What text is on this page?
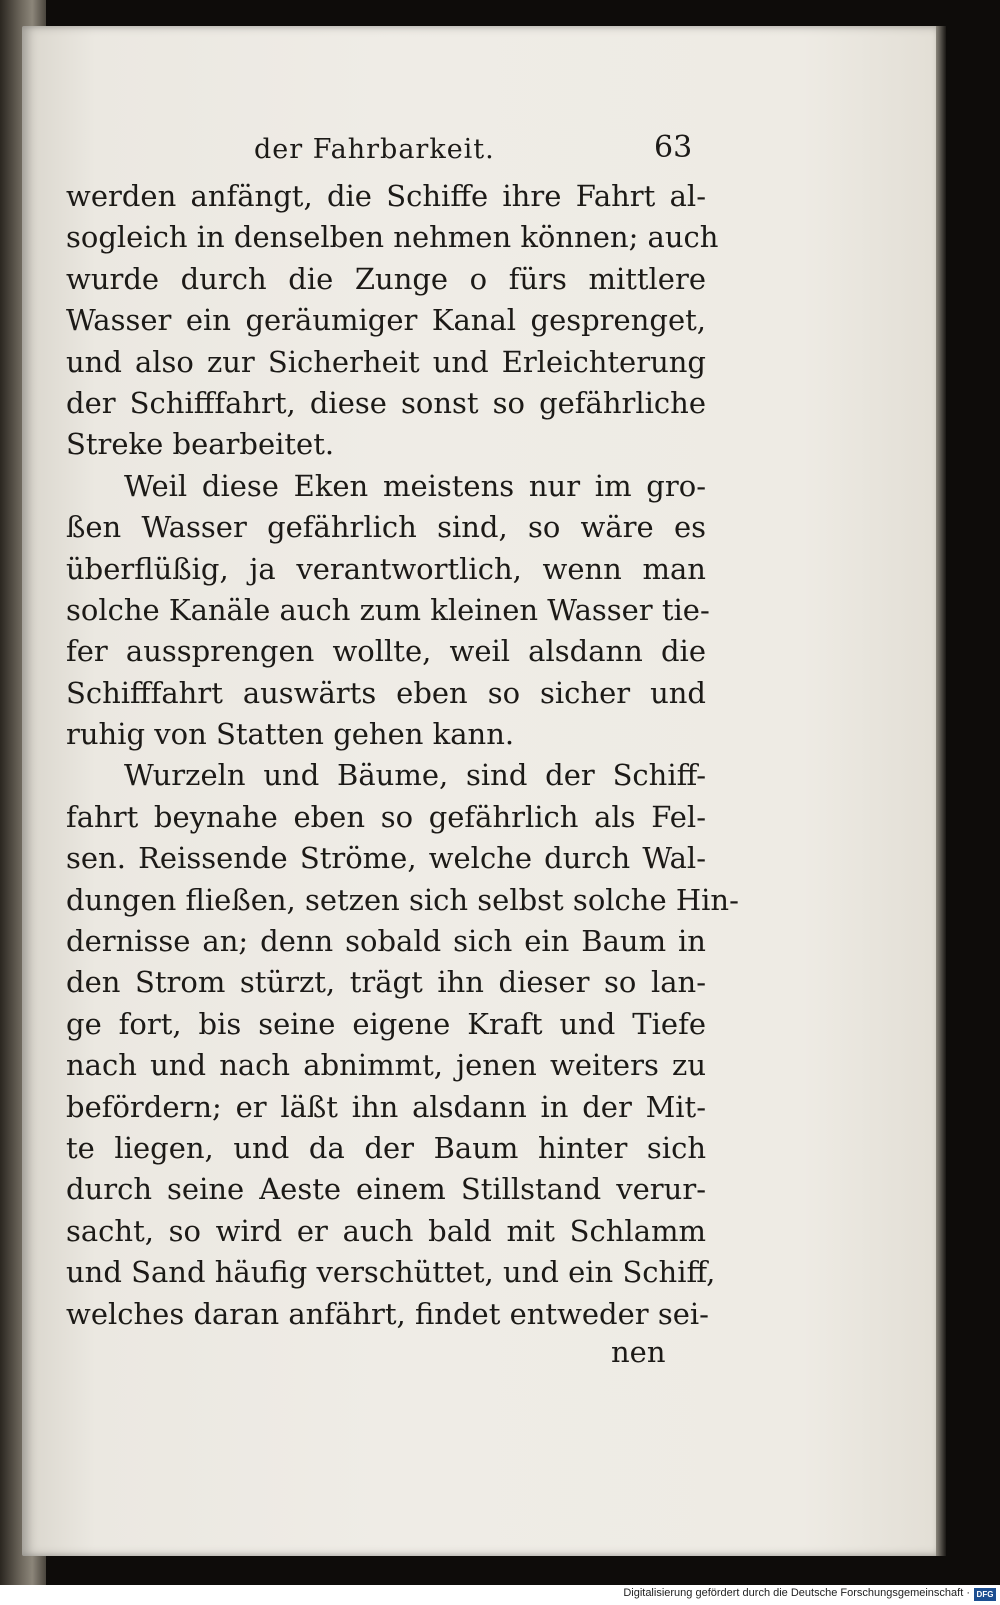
der Fahrbarkeit.	63
werden anfängt, die Schiffe ihre Fahrt al-
sogleich in denselben nehmen können; auch
wurde durch die Zunge o fürs mittlere
Wasser ein geräumiger Kanal gesprenget,
und also zur Sicherheit und Erleichterung
der Schifffahrt, diese sonst so gefährliche
Streke bearbeitet.
Weil diese Eken meistens nur im gro-
ßen Wasser gefährlich sind, so wäre es
überflüßig, ja verantwortlich, wenn man
solche Kanäle auch zum kleinen Wasser tie-
fer aussprengen wollte, weil alsdann die
Schifffahrt auswärts eben so sicher und
ruhig von Statten gehen kann.
Wurzeln und Bäume, sind der Schiff-
fahrt beynahe eben so gefährlich als Fel-
sen. Reissende Ströme, welche durch Wal-
dungen fließen, setzen sich selbst solche Hin-
dernisse an; denn sobald sich ein Baum in
den Strom stürzt, trägt ihn dieser so lan-
ge fort, bis seine eigene Kraft und Tiefe
nach und nach abnimmt, jenen weiters zu
befördern; er läßt ihn alsdann in der Mit-
te liegen, und da der Baum hinter sich
durch seine Aeste einem Stillstand verur-
sacht, so wird er auch bald mit Schlamm
und Sand häufig verschüttet, und ein Schiff,
welches daran anfährt, findet entweder sei-
nen
Digitalisierung gefördert durch die Deutsche Forschungsgemeinschaft · DFG
